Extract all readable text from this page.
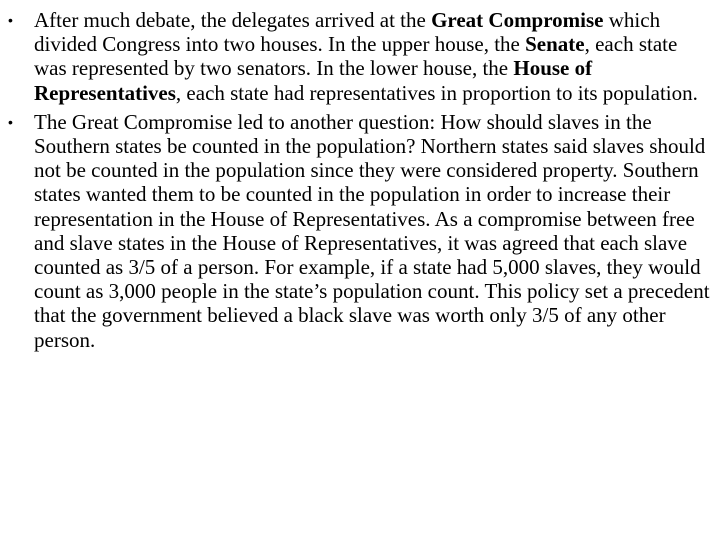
• After much debate, the delegates arrived at the Great Compromise which divided Congress into two houses. In the upper house, the Senate, each state was represented by two senators. In the lower house, the House of Representatives, each state had representatives in proportion to its population.
• The Great Compromise led to another question: How should slaves in the Southern states be counted in the population? Northern states said slaves should not be counted in the population since they were considered property. Southern states wanted them to be counted in the population in order to increase their representation in the House of Representatives. As a compromise between free and slave states in the House of Representatives, it was agreed that each slave counted as 3/5 of a person. For example, if a state had 5,000 slaves, they would count as 3,000 people in the state’s population count. This policy set a precedent that the government believed a black slave was worth only 3/5 of any other person.
